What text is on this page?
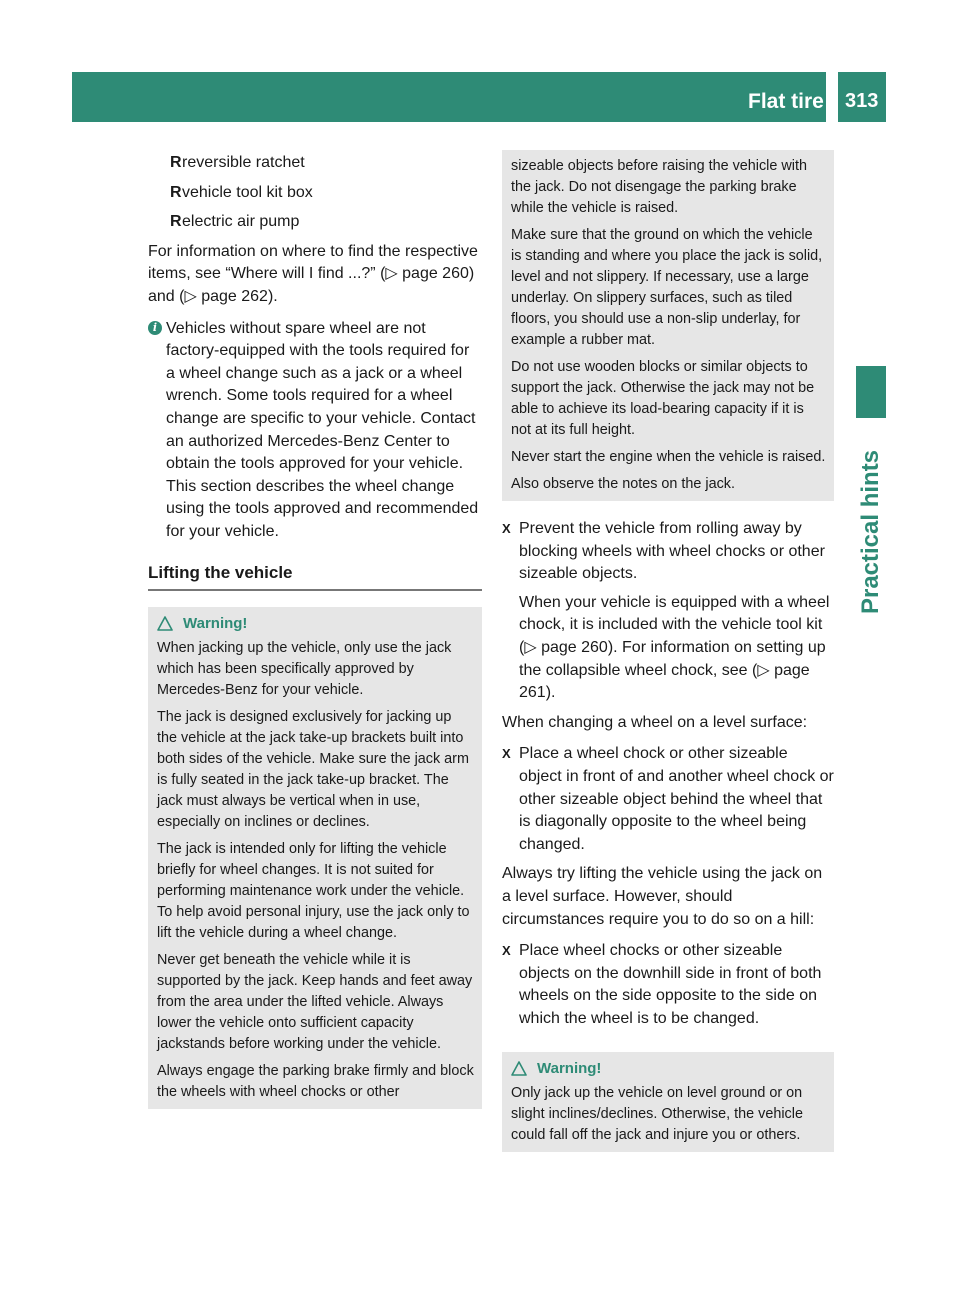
Flat tire 313
Practical hints
R reversible ratchet
R vehicle tool kit box
R electric air pump
For information on where to find the respective items, see “Where will I find ...?” (▷ page 260) and (▷ page 262).
i Vehicles without spare wheel are not factory-equipped with the tools required for a wheel change such as a jack or a wheel wrench. Some tools required for a wheel change are specific to your vehicle. Contact an authorized Mercedes-Benz Center to obtain the tools approved for your vehicle. This section describes the wheel change using the tools approved and recommended for your vehicle.
Lifting the vehicle
Warning!

When jacking up the vehicle, only use the jack which has been specifically approved by Mercedes-Benz for your vehicle.

The jack is designed exclusively for jacking up the vehicle at the jack take-up brackets built into both sides of the vehicle. Make sure the jack arm is fully seated in the jack take-up bracket. The jack must always be vertical when in use, especially on inclines or declines.

The jack is intended only for lifting the vehicle briefly for wheel changes. It is not suited for performing maintenance work under the vehicle. To help avoid personal injury, use the jack only to lift the vehicle during a wheel change.

Never get beneath the vehicle while it is supported by the jack. Keep hands and feet away from the area under the lifted vehicle. Always lower the vehicle onto sufficient capacity jackstands before working under the vehicle.

Always engage the parking brake firmly and block the wheels with wheel chocks or other

sizeable objects before raising the vehicle with the jack. Do not disengage the parking brake while the vehicle is raised.

Make sure that the ground on which the vehicle is standing and where you place the jack is solid, level and not slippery. If necessary, use a large underlay. On slippery surfaces, such as tiled floors, you should use a non-slip underlay, for example a rubber mat.

Do not use wooden blocks or similar objects to support the jack. Otherwise the jack may not be able to achieve its load-bearing capacity if it is not at its full height.

Never start the engine when the vehicle is raised.

Also observe the notes on the jack.

X Prevent the vehicle from rolling away by blocking wheels with wheel chocks or other sizeable objects.

When your vehicle is equipped with a wheel chock, it is included with the vehicle tool kit (▷ page 260). For information on setting up the collapsible wheel chock, see (▷ page 261).

When changing a wheel on a level surface:
X Place a wheel chock or other sizeable object in front of and another wheel chock or other sizeable object behind the wheel that is diagonally opposite to the wheel being changed.

Always try lifting the vehicle using the jack on a level surface. However, should circumstances require you to do so on a hill:
X Place wheel chocks or other sizeable objects on the downhill side in front of both wheels on the side opposite to the side on which the wheel is to be changed.

Warning!

Only jack up the vehicle on level ground or on slight inclines/declines. Otherwise, the vehicle could fall off the jack and injure you or others.
